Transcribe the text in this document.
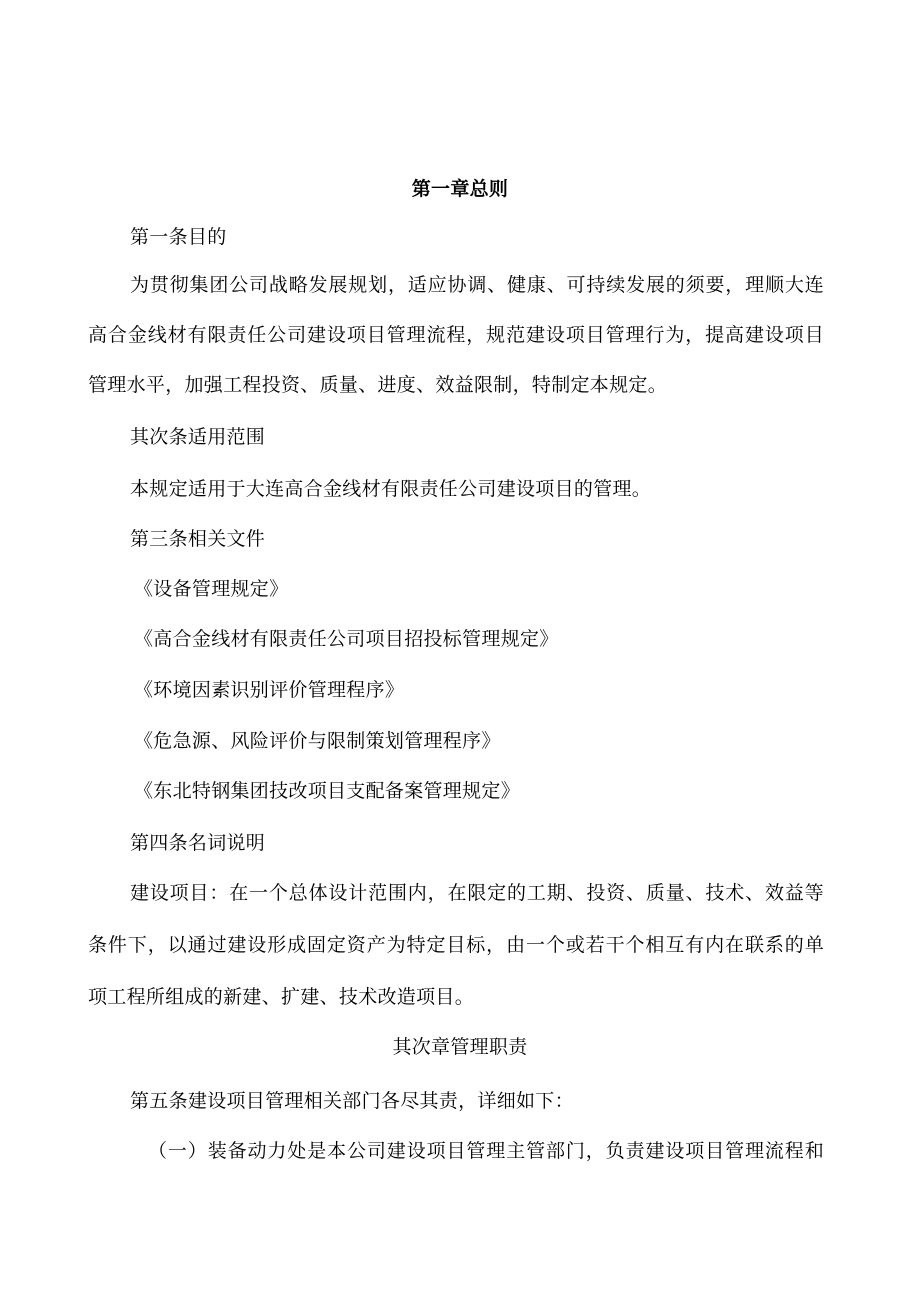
第一章总则
第一条目的
为贯彻集团公司战略发展规划，适应协调、健康、可持续发展的须要，理顺大连
高合金线材有限责任公司建设项目管理流程，规范建设项目管理行为，提高建设项目
管理水平，加强工程投资、质量、进度、效益限制，特制定本规定。
其次条适用范围
本规定适用于大连高合金线材有限责任公司建设项目的管理。
第三条相关文件
《设备管理规定》
《高合金线材有限责任公司项目招投标管理规定》
《环境因素识别评价管理程序》
《危急源、风险评价与限制策划管理程序》
《东北特钢集团技改项目支配备案管理规定》
第四条名词说明
建设项目：在一个总体设计范围内，在限定的工期、投资、质量、技术、效益等
条件下，以通过建设形成固定资产为特定目标，由一个或若干个相互有内在联系的单
项工程所组成的新建、扩建、技术改造项目。
其次章管理职责
第五条建设项目管理相关部门各尽其责，详细如下：
（一）装备动力处是本公司建设项目管理主管部门，负责建设项目管理流程和
